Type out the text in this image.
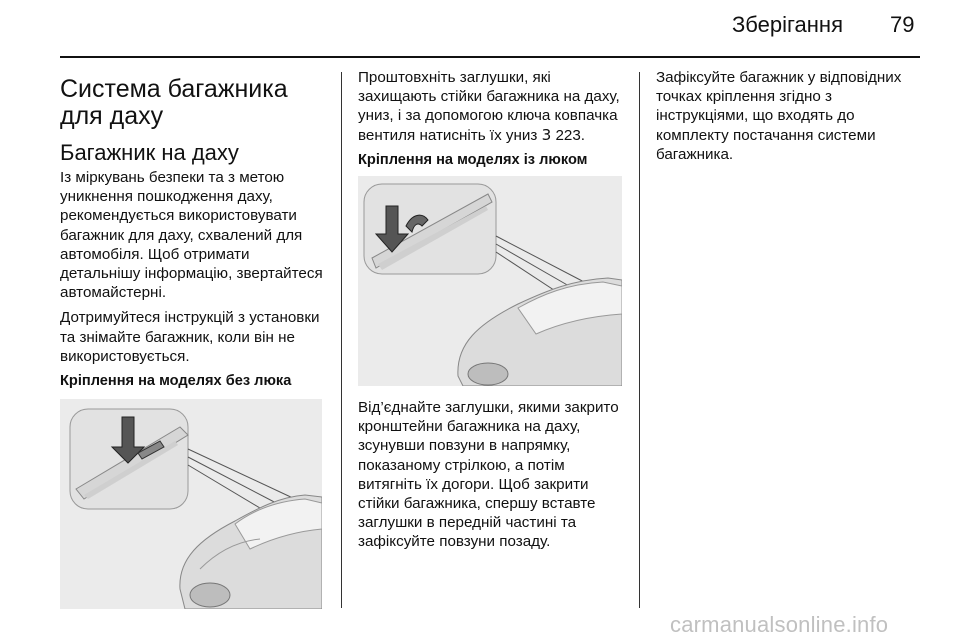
Зберігання 79
Система багажника для даху
Багажник на даху

Із міркувань безпеки та з метою уникнення пошкодження даху, рекомендується використовувати багажник для даху, схвалений для автомобіля. Щоб отримати детальнішу інформацію, звертайтеся автомайстерні.

Дотримуйтеся інструкцій з установки та знімайте багажник, коли він не використовується.

Кріплення на моделях без люка

Проштовхніть заглушки, які захищають стійки багажника на даху, униз, і за допомогою ключа ковпачка вентиля натисніть їх униз 3 223.

Кріплення на моделях із люком

Від’єднайте заглушки, якими закрито кронштейни багажника на даху, зсунувши повзуни в напрямку, показаному стрілкою, а потім витягніть їх догори. Щоб закрити стійки багажника, спершу вставте заглушки в передній частині та зафіксуйте повзуни позаду.

Зафіксуйте багажник у відповідних точках кріплення згідно з інструкціями, що входять до комплекту постачання системи багажника.

carmanualsonline.info
